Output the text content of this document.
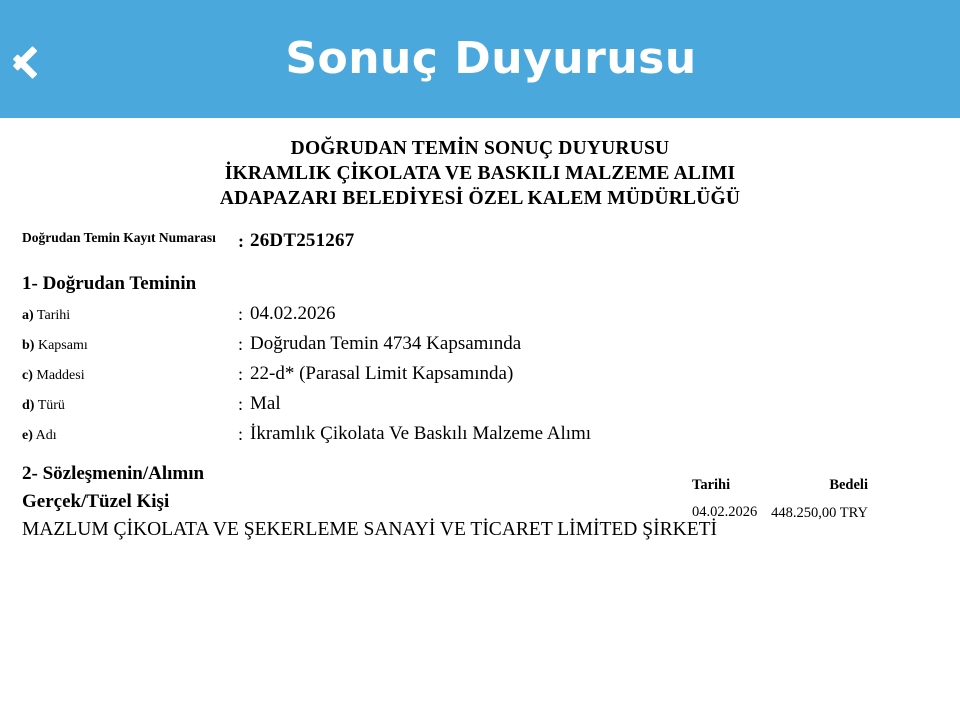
Sonuç Duyurusu
DOĞRUDAN TEMİN SONUÇ DUYURUSU
İKRAMLIK ÇİKOLATA VE BASKILI MALZEME ALIMI
ADAPAZARI BELEDİYESİ ÖZEL KALEM MÜDÜRLÜĞÜ
Doğrudan Temin Kayıt Numarası : 26DT251267
1- Doğrudan Teminin
a) Tarihi	: 04.02.2026
b) Kapsamı	: Doğrudan Temin 4734 Kapsamında
c) Maddesi	: 22-d* (Parasal Limit Kapsamında)
d) Türü	: Mal
e) Adı	: İkramlık Çikolata Ve Baskılı Malzeme Alımı
2- Sözleşmenin/Alımın
Gerçek/Tüzel Kişi
MAZLUM ÇİKOLATA VE ŞEKERLEME SANAYİ VE TİCARET LİMİTED ŞİRKETİ
Tarihi	Bedeli
04.02.2026 448.250,00 TRY
